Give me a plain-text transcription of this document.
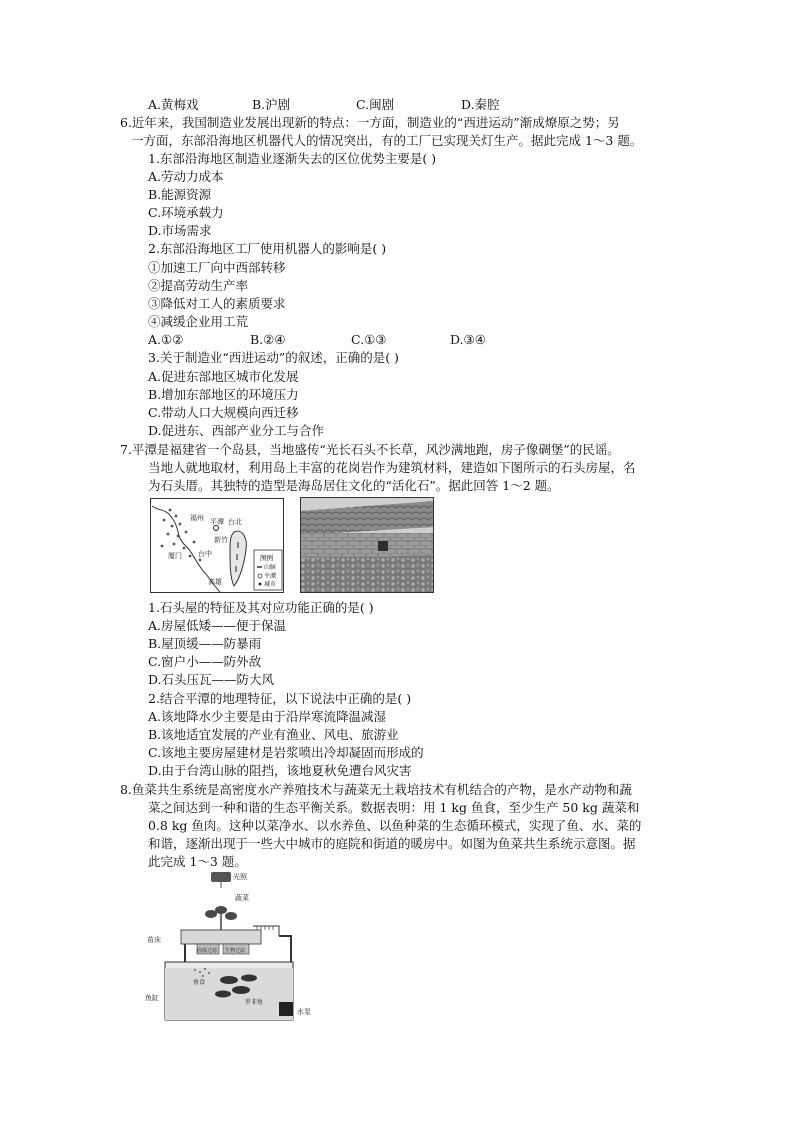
A.黄梅戏	B.沪剧	C.闽剧	D.秦腔
6.近年来，我国制造业发展出现新的特点：一方面，制造业的“西进运动”渐成燎原之势；另
一方面，东部沿海地区机器代人的情况突出，有的工厂已实现关灯生产。据此完成 1～3 题。
1.东部沿海地区制造业逐渐失去的区位优势主要是( )
A.劳动力成本
B.能源资源
C.环境承载力
D.市场需求
2.东部沿海地区工厂使用机器人的影响是( )
①加速工厂向中西部转移
②提高劳动生产率
③降低对工人的素质要求
④减缓企业用工荒
A.①②	B.②④	C.①③	D.③④
3.关于制造业“西进运动”的叙述，正确的是( )
A.促进东部地区城市化发展
B.增加东部地区的环境压力
C.带动人口大规模向西迁移
D.促进东、西部产业分工与合作
7.平潭是福建省一个岛县，当地盛传“光长石头不长草，风沙满地跑，房子像碉堡”的民谣。
当地人就地取材，利用岛上丰富的花岗岩作为建筑材料，建造如下图所示的石头房屋，名
为石头厝。其独特的造型是海岛居住文化的“活化石”。据此回答 1～2 题。
福州 平潭 台北
厦门
新竹
台中
高雄
图例
山脉
平潭
城市
1.石头屋的特征及其对应功能正确的是( )
A.房屋低矮——便于保温
B.屋顶缓——防暴雨
C.窗户小——防外敌
D.石头压瓦——防大风
2.结合平潭的地理特征，以下说法中正确的是( )
A.该地降水少主要是由于沿岸寒流降温减湿
B.该地适宜发展的产业有渔业、风电、旅游业
C.该地主要房屋建材是岩浆喷出冷却凝固而形成的
D.由于台湾山脉的阻挡，该地夏秋免遭台风灾害
8.鱼菜共生系统是高密度水产养殖技术与蔬菜无土栽培技术有机结合的产物，是水产动物和蔬
菜之间达到一种和谐的生态平衡关系。数据表明：用 1 kg 鱼食，至少生产 50 kg 蔬菜和
0.8 kg 鱼肉。这种以菜净水、以水养鱼、以鱼种菜的生态循环模式，实现了鱼、水、菜的
和谐，逐渐出现于一些大中城市的庭院和街道的暖房中。如图为鱼菜共生系统示意图。据
此完成 1～3 题。
光照
蔬菜
苗床
固体过滤 生物过滤
鱼食
罗非鱼
鱼缸
水泵
